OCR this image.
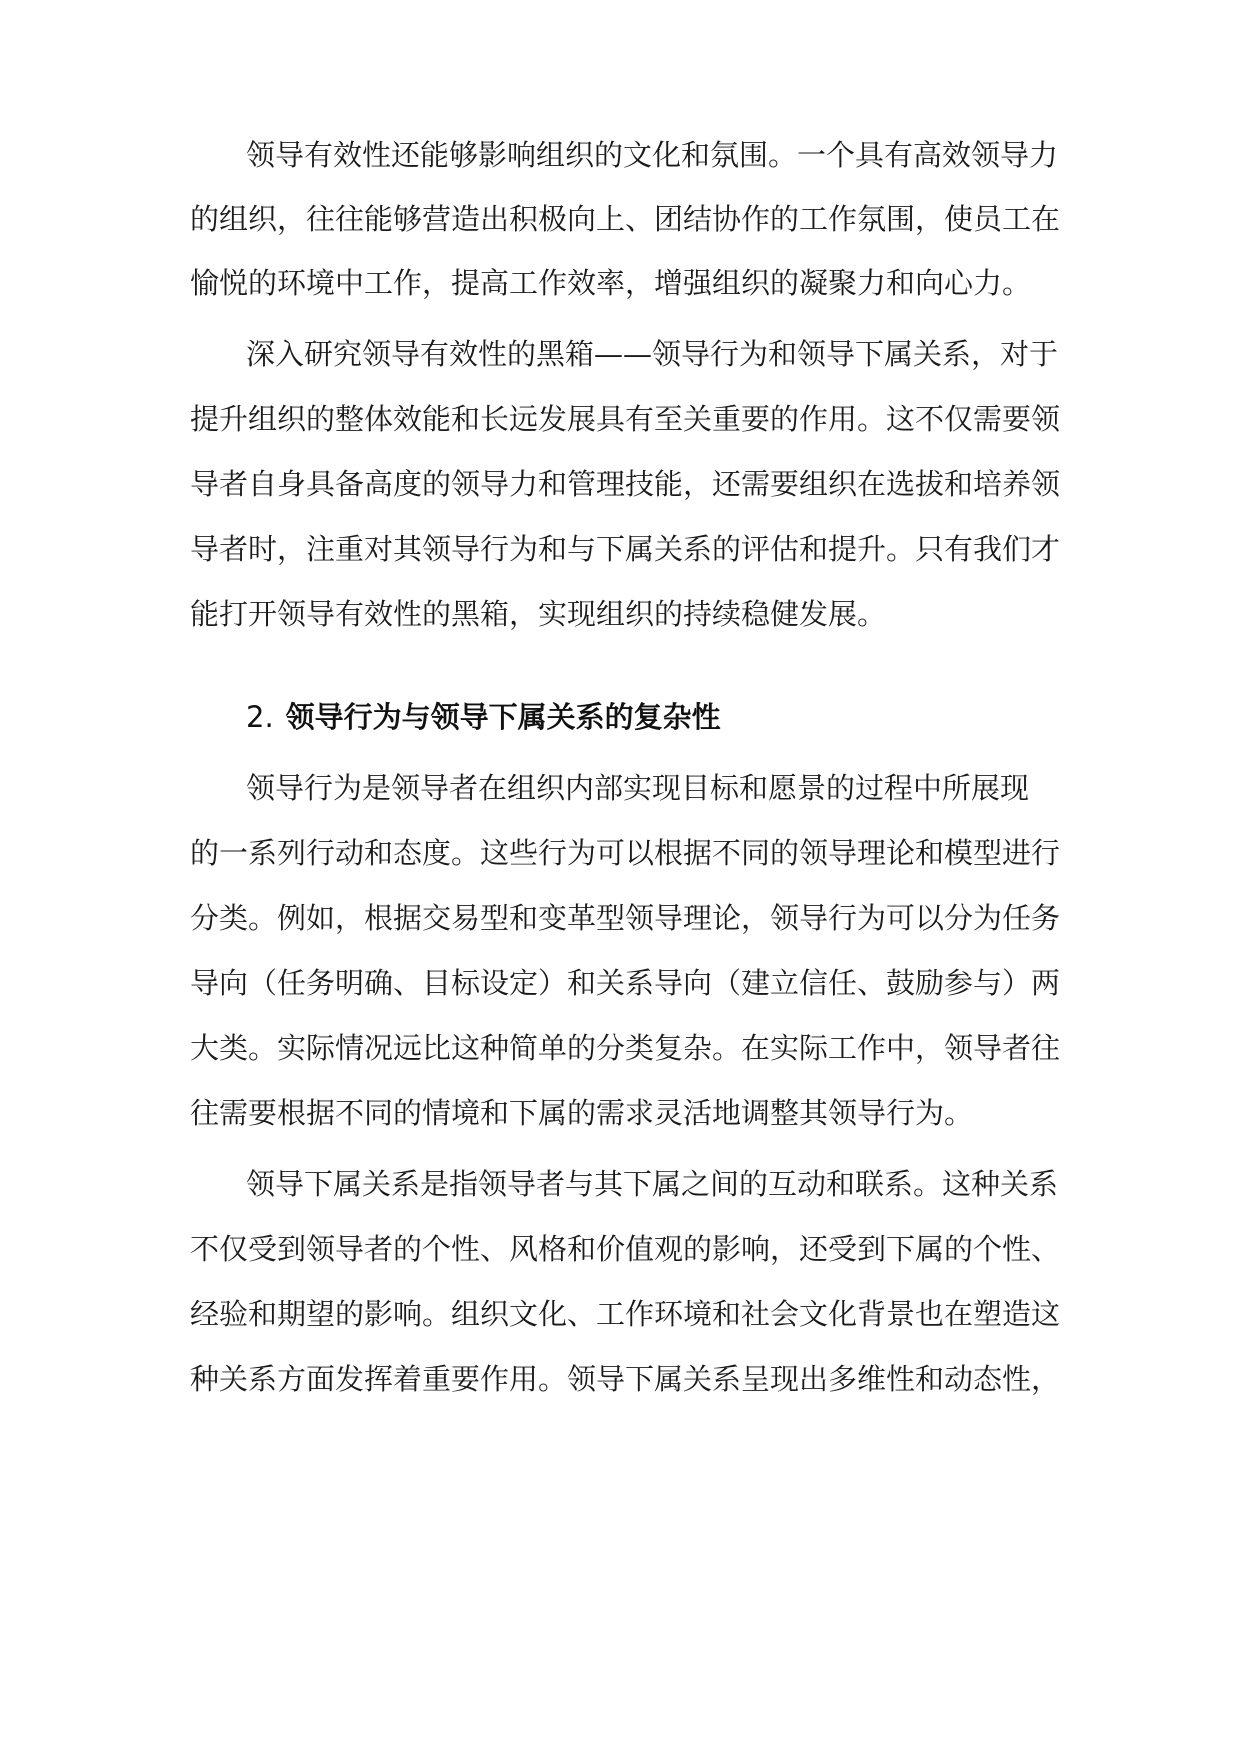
领导有效性还能够影响组织的文化和氛围。一个具有高效领导力
的组织，往往能够营造出积极向上、团结协作的工作氛围，使员工在
愉悦的环境中工作，提高工作效率，增强组织的凝聚力和向心力。
深入研究领导有效性的黑箱——领导行为和领导下属关系，对于
提升组织的整体效能和长远发展具有至关重要的作用。这不仅需要领
导者自身具备高度的领导力和管理技能，还需要组织在选拔和培养领
导者时，注重对其领导行为和与下属关系的评估和提升。只有我们才
能打开领导有效性的黑箱，实现组织的持续稳健发展。
2. 领导行为与领导下属关系的复杂性
领导行为是领导者在组织内部实现目标和愿景的过程中所展现
的一系列行动和态度。这些行为可以根据不同的领导理论和模型进行
分类。例如，根据交易型和变革型领导理论，领导行为可以分为任务
导向（任务明确、目标设定）和关系导向（建立信任、鼓励参与）两
大类。实际情况远比这种简单的分类复杂。在实际工作中，领导者往
往需要根据不同的情境和下属的需求灵活地调整其领导行为。
领导下属关系是指领导者与其下属之间的互动和联系。这种关系
不仅受到领导者的个性、风格和价值观的影响，还受到下属的个性、
经验和期望的影响。组织文化、工作环境和社会文化背景也在塑造这
种关系方面发挥着重要作用。领导下属关系呈现出多维性和动态性，
